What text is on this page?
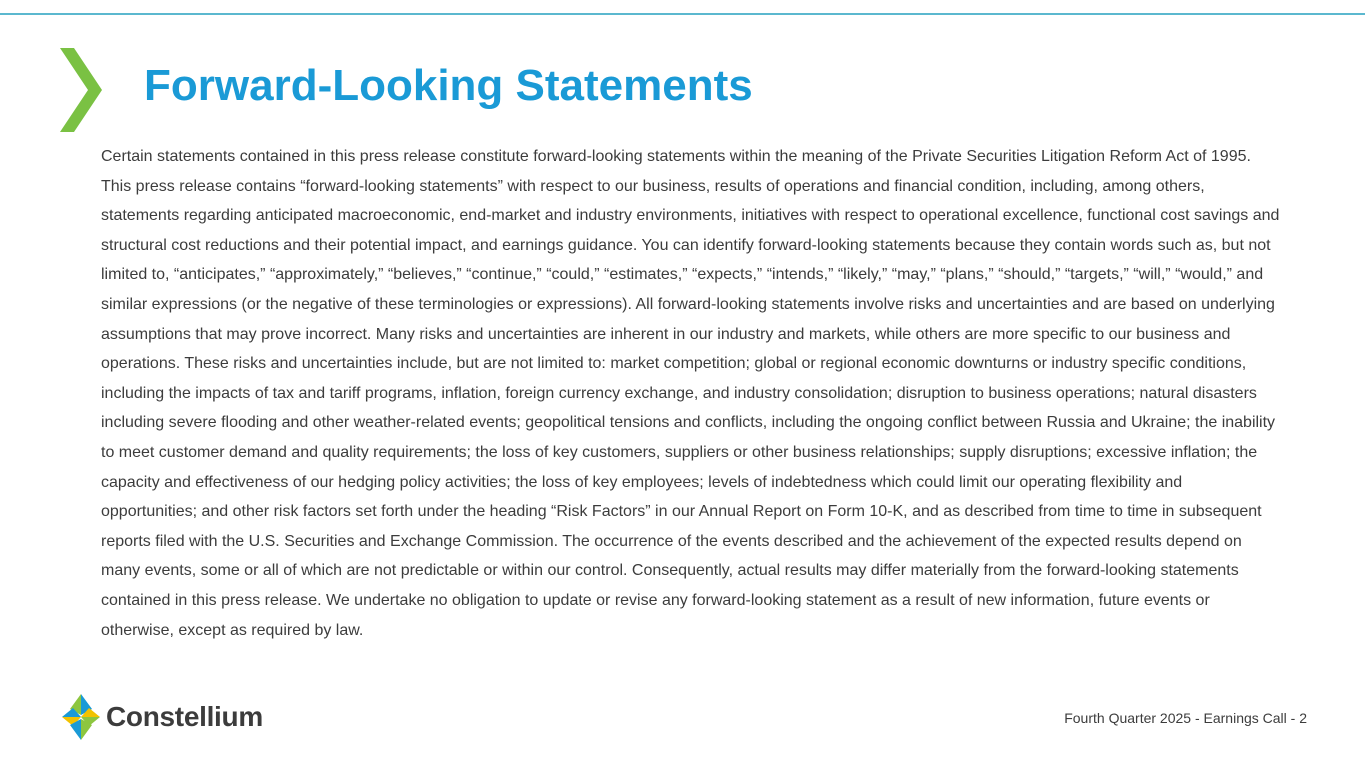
Forward-Looking Statements

Certain statements contained in this press release constitute forward-looking statements within the meaning of the Private Securities Litigation Reform Act of 1995. This press release contains “forward-looking statements” with respect to our business, results of operations and financial condition, including, among others, statements regarding anticipated macroeconomic, end-market and industry environments, initiatives with respect to operational excellence, functional cost savings and structural cost reductions and their potential impact, and earnings guidance. You can identify forward-looking statements because they contain words such as, but not limited to, “anticipates,” “approximately,” “believes,” “continue,” “could,” “estimates,” “expects,” “intends,” “likely,” “may,” “plans,” “should,” “targets,” “will,” “would,” and similar expressions (or the negative of these terminologies or expressions). All forward-looking statements involve risks and uncertainties and are based on underlying assumptions that may prove incorrect. Many risks and uncertainties are inherent in our industry and markets, while others are more specific to our business and operations. These risks and uncertainties include, but are not limited to: market competition; global or regional economic downturns or industry specific conditions, including the impacts of tax and tariff programs, inflation, foreign currency exchange, and industry consolidation; disruption to business operations; natural disasters including severe flooding and other weather-related events; geopolitical tensions and conflicts, including the ongoing conflict between Russia and Ukraine; the inability to meet customer demand and quality requirements; the loss of key customers, suppliers or other business relationships; supply disruptions; excessive inflation; the capacity and effectiveness of our hedging policy activities; the loss of key employees; levels of indebtedness which could limit our operating flexibility and opportunities; and other risk factors set forth under the heading “Risk Factors” in our Annual Report on Form 10-K, and as described from time to time in subsequent reports filed with the U.S. Securities and Exchange Commission. The occurrence of the events described and the achievement of the expected results depend on many events, some or all of which are not predictable or within our control. Consequently, actual results may differ materially from the forward-looking statements contained in this press release. We undertake no obligation to update or revise any forward-looking statement as a result of new information, future events or otherwise, except as required by law.

Constellium	Fourth Quarter 2025 - Earnings Call - 2
